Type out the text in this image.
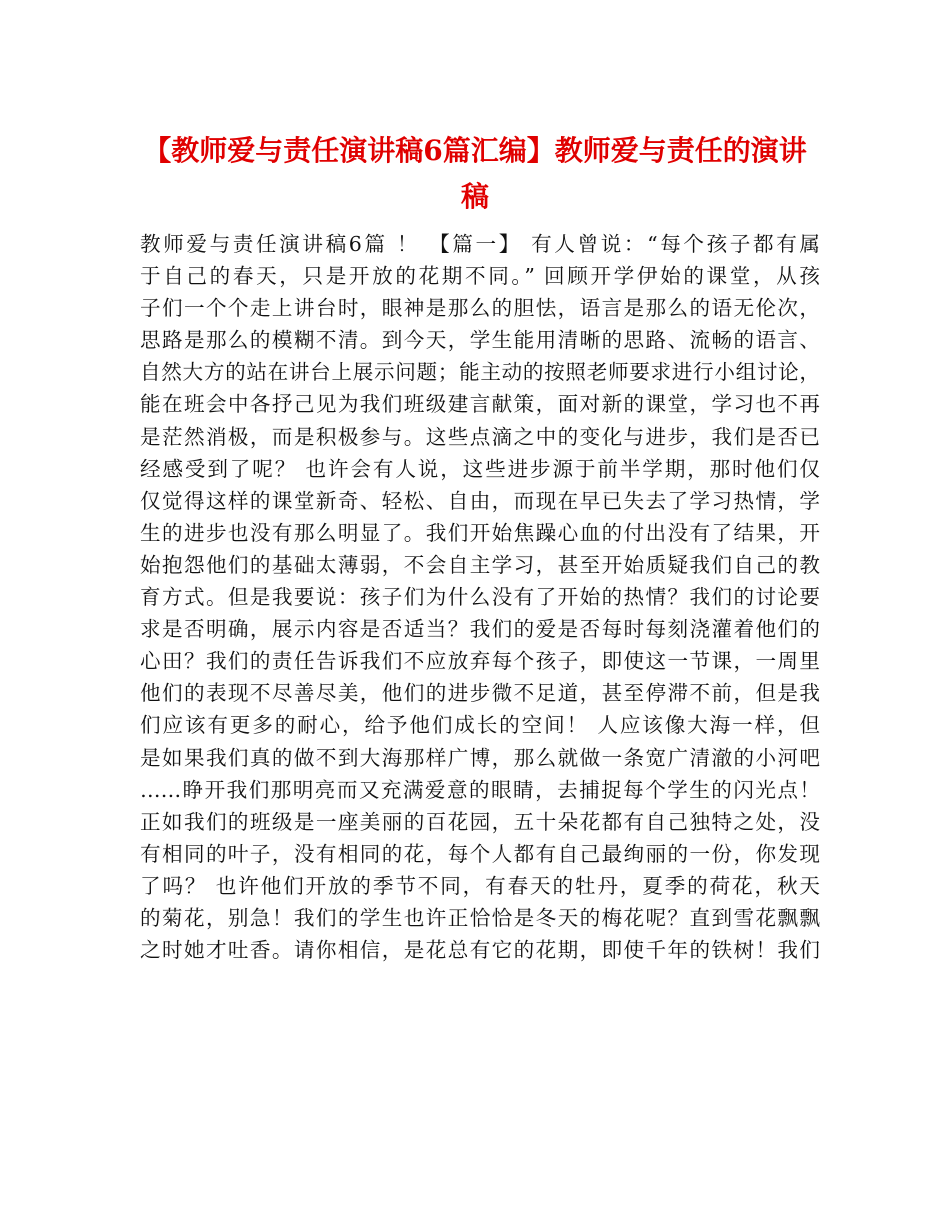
【教师爱与责任演讲稿6篇汇编】教师爱与责任的演讲
稿
教师爱与责任演讲稿6篇 ！ 【篇一】 有人曾说：“每个孩子都有属
于自己的春天，只是开放的花期不同。” 回顾开学伊始的课堂，从孩
子们一个个走上讲台时，眼神是那么的胆怯，语言是那么的语无伦次，
思路是那么的模糊不清。到今天，学生能用清晰的思路、流畅的语言、
自然大方的站在讲台上展示问题；能主动的按照老师要求进行小组讨论，
能在班会中各抒己见为我们班级建言献策，面对新的课堂，学习也不再
是茫然消极，而是积极参与。这些点滴之中的变化与进步，我们是否已
经感受到了呢？ 也许会有人说，这些进步源于前半学期，那时他们仅
仅觉得这样的课堂新奇、轻松、自由，而现在早已失去了学习热情，学
生的进步也没有那么明显了。我们开始焦躁心血的付出没有了结果，开
始抱怨他们的基础太薄弱，不会自主学习，甚至开始质疑我们自己的教
育方式。但是我要说：孩子们为什么没有了开始的热情？我们的讨论要
求是否明确，展示内容是否适当？我们的爱是否每时每刻浇灌着他们的
心田？我们的责任告诉我们不应放弃每个孩子，即使这一节课，一周里
他们的表现不尽善尽美，他们的进步微不足道，甚至停滞不前，但是我
们应该有更多的耐心，给予他们成长的空间！ 人应该像大海一样，但
是如果我们真的做不到大海那样广博，那么就做一条宽广清澈的小河吧
……睁开我们那明亮而又充满爱意的眼睛，去捕捉每个学生的闪光点！
正如我们的班级是一座美丽的百花园，五十朵花都有自己独特之处，没
有相同的叶子，没有相同的花，每个人都有自己最绚丽的一份，你发现
了吗？ 也许他们开放的季节不同，有春天的牡丹，夏季的荷花，秋天
的菊花，别急！我们的学生也许正恰恰是冬天的梅花呢？直到雪花飘飘
之时她才吐香。请你相信，是花总有它的花期，即使千年的铁树！我们
